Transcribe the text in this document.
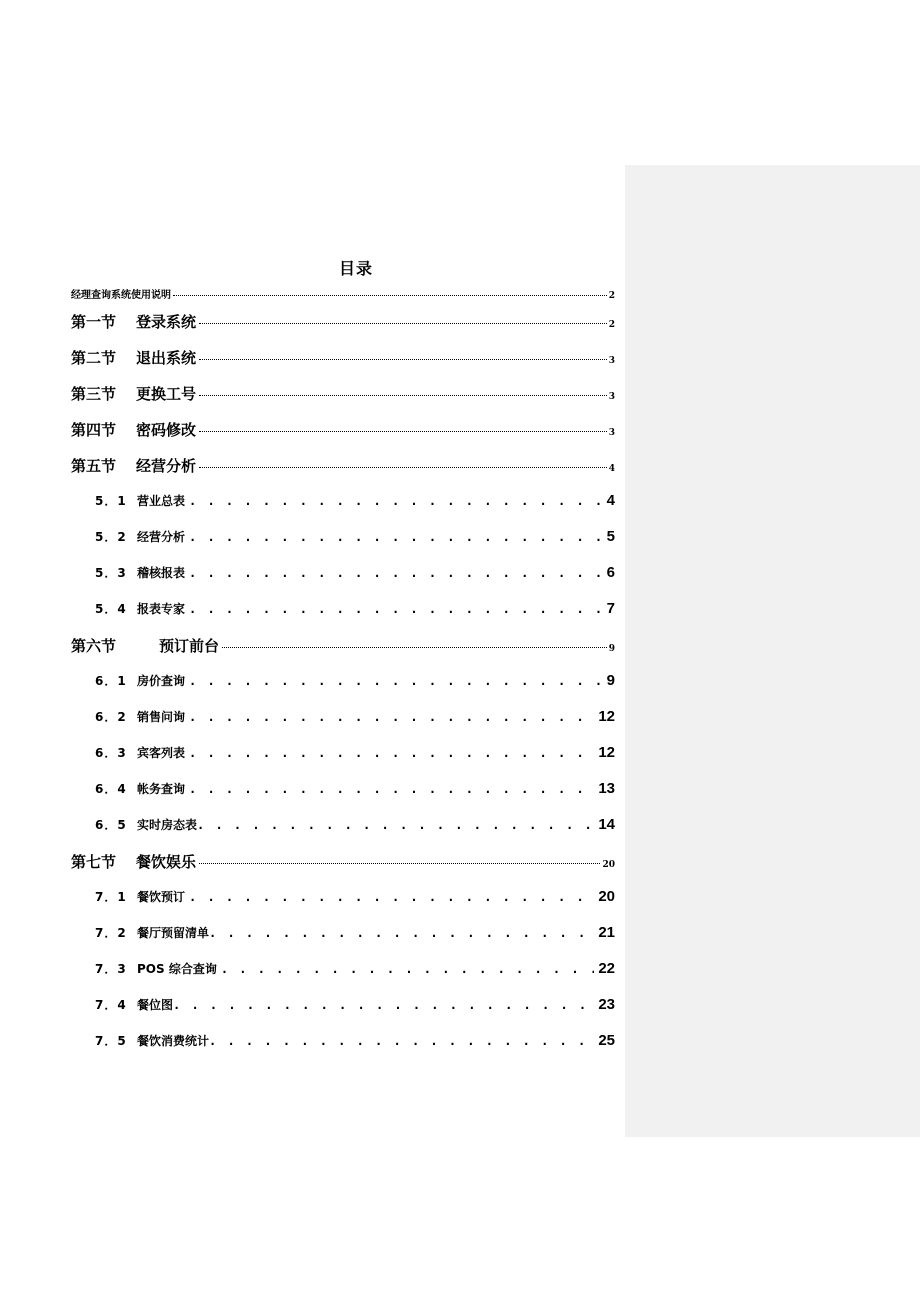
目录
经理查询系统使用说明	2
第一节 登录系统	2
第二节 退出系统	3
第三节 更换工号	3
第四节 密码修改	3
第五节 经营分析	4
5．1 营业总表 . . .	4
5．2 经营分析 . . .	5
5．3 稽核报表 . . .	6
5．4 报表专家 . . .	7
第六节	预订前台	9
6．1 房价查询 . . .	9
6．2 销售问询 . . .	12
6．3 宾客列表 . . .	12
6．4 帐务查询 . . .	13
6．5 实时房态表 . . .	14
第七节 餐饮娱乐	20
7．1 餐饮预订 . . .	20
7．2 餐厅预留清单 . . .	21
7．3 POS 综合查询 . . .	22
7．4 餐位图 . . .	23
7．5 餐饮消费统计 . . .	25
